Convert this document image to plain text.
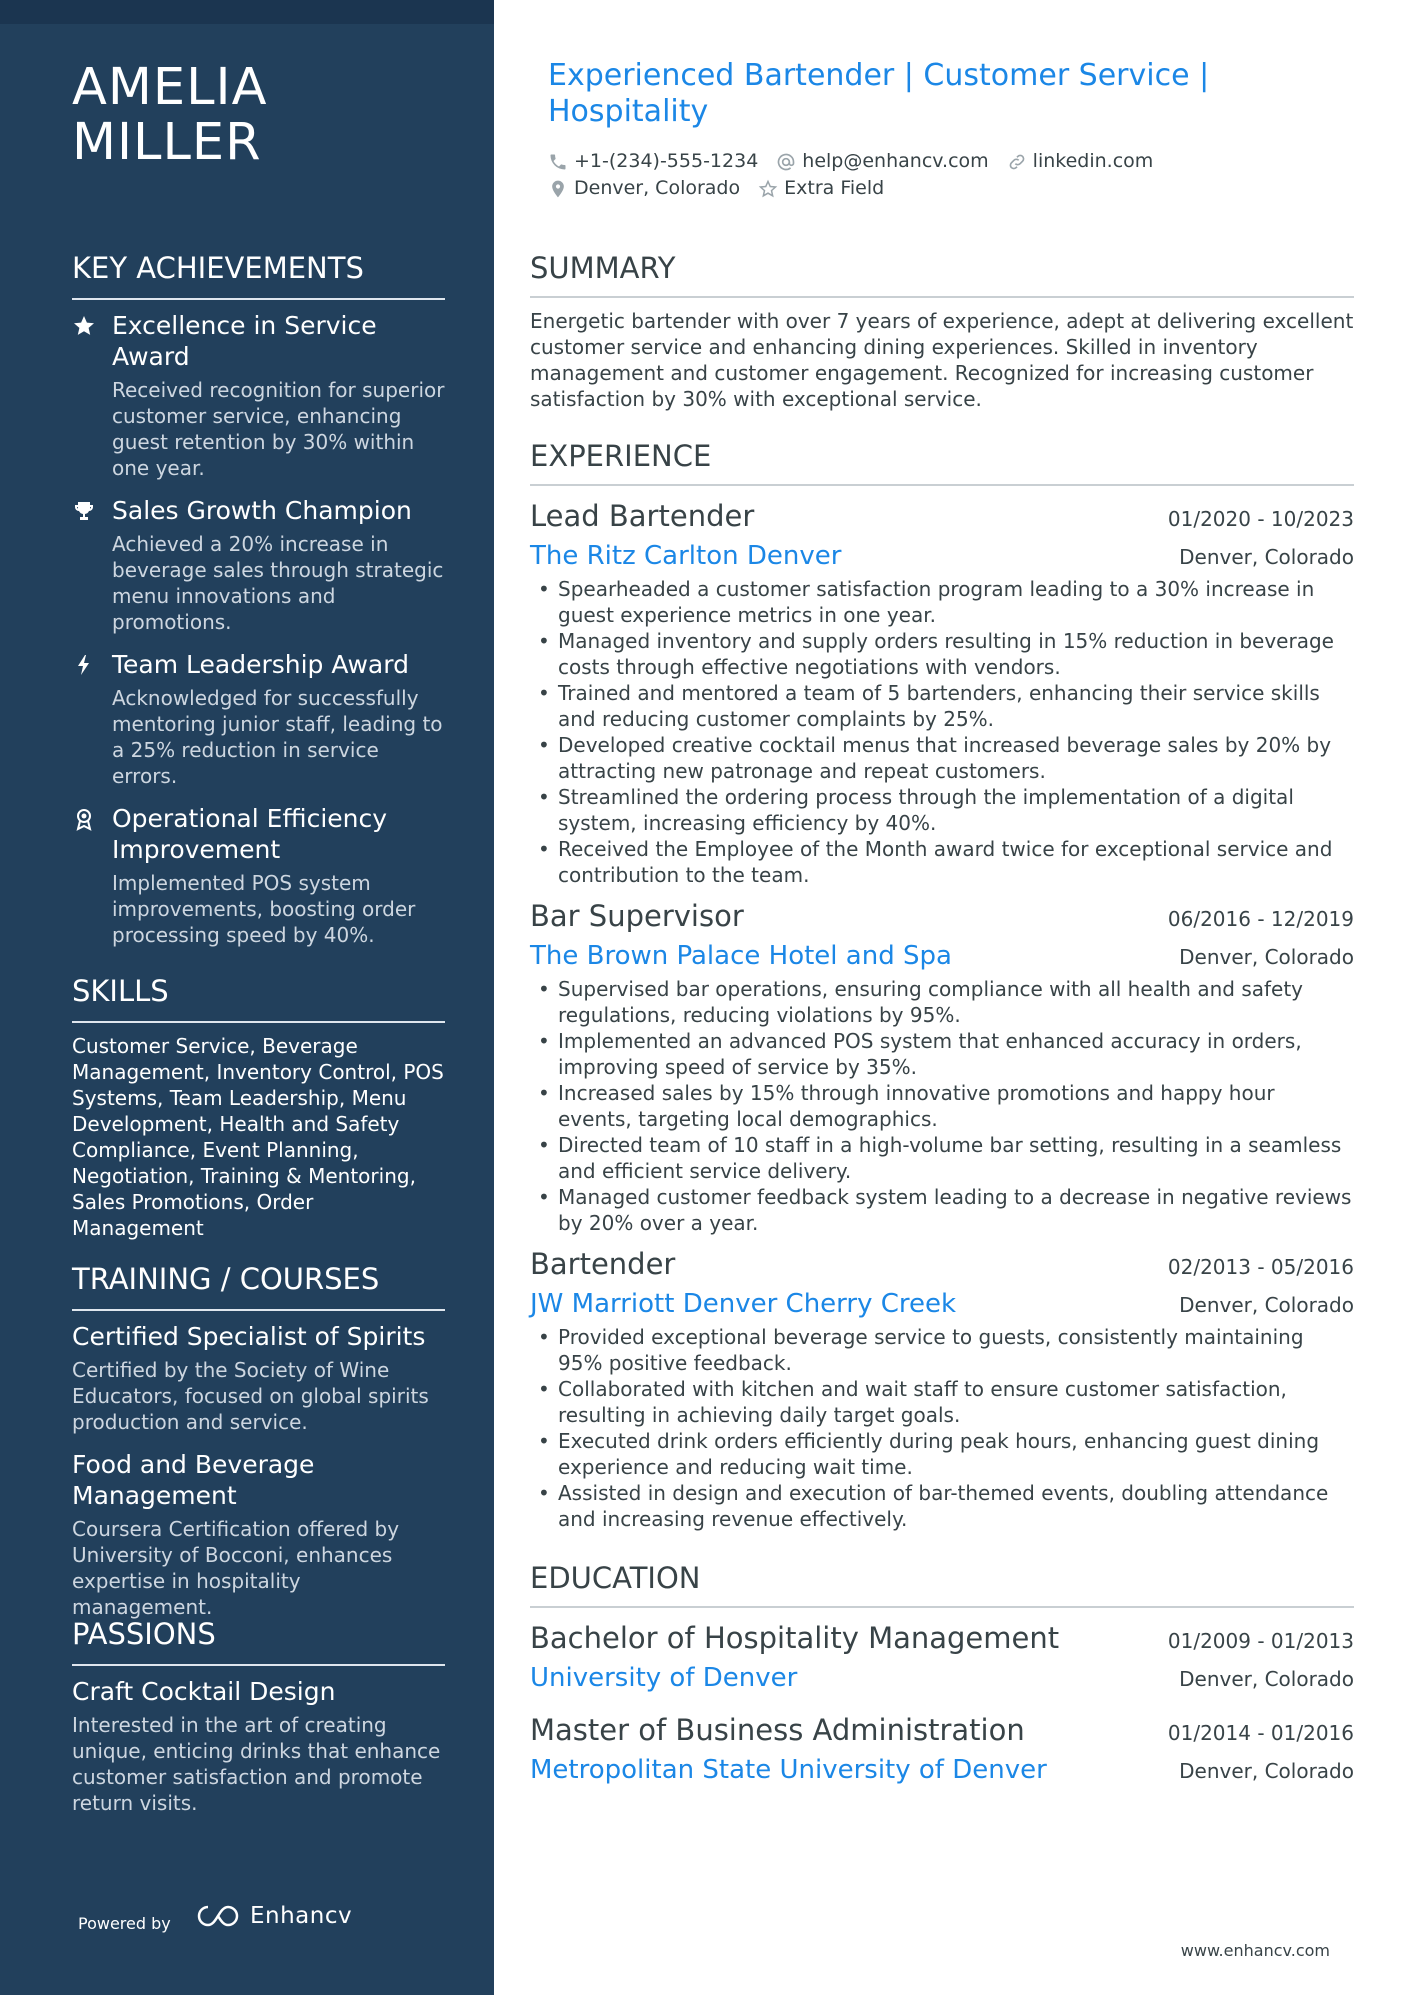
AMELIA MILLER
KEY ACHIEVEMENTS
Excellence in Service Award
Received recognition for superior customer service, enhancing guest retention by 30% within one year.
Sales Growth Champion
Achieved a 20% increase in beverage sales through strategic menu innovations and promotions.
Team Leadership Award
Acknowledged for successfully mentoring junior staff, leading to a 25% reduction in service errors.
Operational Efficiency Improvement
Implemented POS system improvements, boosting order processing speed by 40%.
SKILLS
Customer Service, Beverage Management, Inventory Control, POS Systems, Team Leadership, Menu Development, Health and Safety Compliance, Event Planning, Negotiation, Training & Mentoring, Sales Promotions, Order Management
TRAINING / COURSES
Certified Specialist of Spirits
Certified by the Society of Wine Educators, focused on global spirits production and service.
Food and Beverage Management
Coursera Certification offered by University of Bocconi, enhances expertise in hospitality management.
PASSIONS
Craft Cocktail Design
Interested in the art of creating unique, enticing drinks that enhance customer satisfaction and promote return visits.
Powered by	Enhancv
Experienced Bartender | Customer Service | Hospitality
+1-(234)-555-1234 help@enhancv.com linkedin.com
Denver, Colorado Extra Field
SUMMARY
Energetic bartender with over 7 years of experience, adept at delivering excellent customer service and enhancing dining experiences. Skilled in inventory management and customer engagement. Recognized for increasing customer satisfaction by 30% with exceptional service.
EXPERIENCE
Lead Bartender	01/2020 - 10/2023
The Ritz Carlton Denver	Denver, Colorado
• Spearheaded a customer satisfaction program leading to a 30% increase in guest experience metrics in one year.
• Managed inventory and supply orders resulting in 15% reduction in beverage costs through effective negotiations with vendors.
• Trained and mentored a team of 5 bartenders, enhancing their service skills and reducing customer complaints by 25%.
• Developed creative cocktail menus that increased beverage sales by 20% by attracting new patronage and repeat customers.
• Streamlined the ordering process through the implementation of a digital system, increasing efficiency by 40%.
• Received the Employee of the Month award twice for exceptional service and contribution to the team.
Bar Supervisor	06/2016 - 12/2019
The Brown Palace Hotel and Spa	Denver, Colorado
• Supervised bar operations, ensuring compliance with all health and safety regulations, reducing violations by 95%.
• Implemented an advanced POS system that enhanced accuracy in orders, improving speed of service by 35%.
• Increased sales by 15% through innovative promotions and happy hour events, targeting local demographics.
• Directed team of 10 staff in a high-volume bar setting, resulting in a seamless and efficient service delivery.
• Managed customer feedback system leading to a decrease in negative reviews by 20% over a year.
Bartender	02/2013 - 05/2016
JW Marriott Denver Cherry Creek	Denver, Colorado
• Provided exceptional beverage service to guests, consistently maintaining 95% positive feedback.
• Collaborated with kitchen and wait staff to ensure customer satisfaction, resulting in achieving daily target goals.
• Executed drink orders efficiently during peak hours, enhancing guest dining experience and reducing wait time.
• Assisted in design and execution of bar-themed events, doubling attendance and increasing revenue effectively.
EDUCATION
Bachelor of Hospitality Management	01/2009 - 01/2013
University of Denver	Denver, Colorado
Master of Business Administration	01/2014 - 01/2016
Metropolitan State University of Denver	Denver, Colorado
www.enhancv.com
